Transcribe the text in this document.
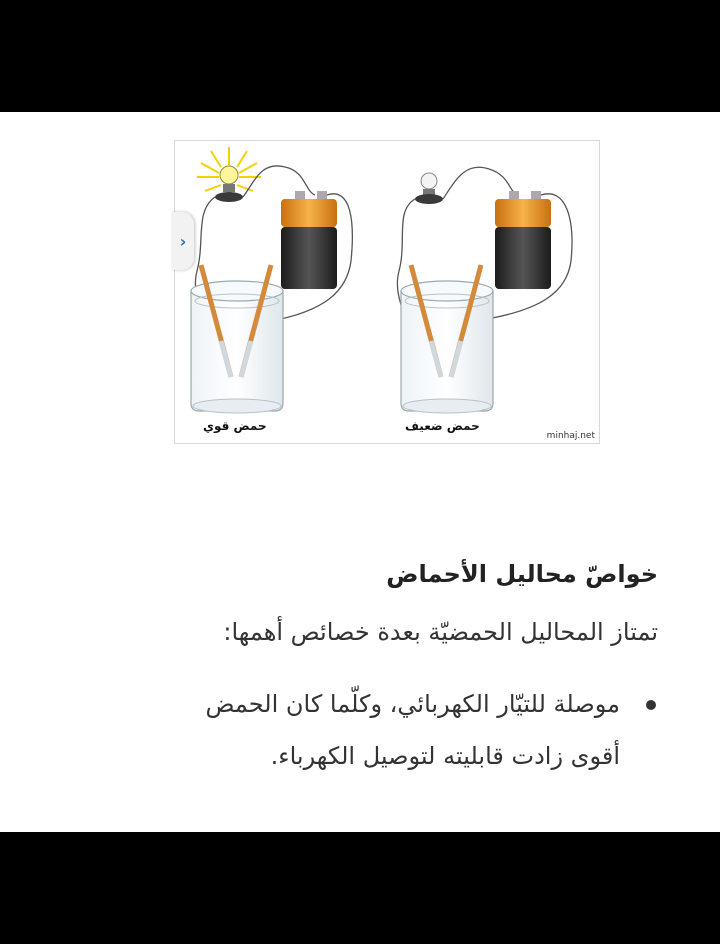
حمض قوي	حمض ضعيف
minhaj.net
›
خواصّ محاليل الأحماض

تمتاز المحاليل الحمضيّة بعدة خصائص أهمها:

موصلة للتيّار الكهربائي، وكلّما كان الحمض أقوى زادت قابليته لتوصيل الكهرباء.
